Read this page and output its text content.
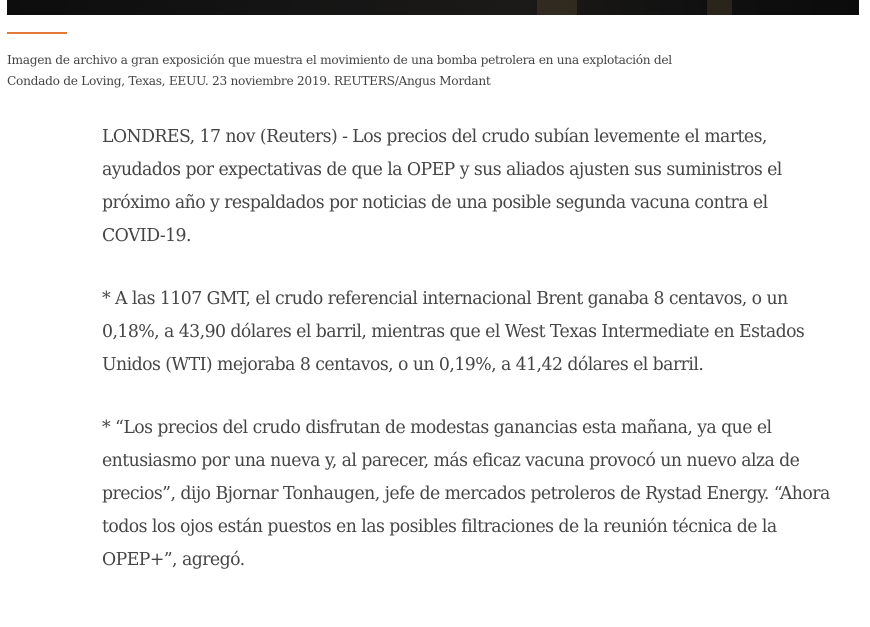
Imagen de archivo a gran exposición que muestra el movimiento de una bomba petrolera en una explotación del
Condado de Loving, Texas, EEUU. 23 noviembre 2019. REUTERS/Angus Mordant

LONDRES, 17 nov (Reuters) - Los precios del crudo subían levemente el martes,
ayudados por expectativas de que la OPEP y sus aliados ajusten sus suministros el
próximo año y respaldados por noticias de una posible segunda vacuna contra el
COVID-19.

* A las 1107 GMT, el crudo referencial internacional Brent ganaba 8 centavos, o un
0,18%, a 43,90 dólares el barril, mientras que el West Texas Intermediate en Estados
Unidos (WTI) mejoraba 8 centavos, o un 0,19%, a 41,42 dólares el barril.

* “Los precios del crudo disfrutan de modestas ganancias esta mañana, ya que el
entusiasmo por una nueva y, al parecer, más eficaz vacuna provocó un nuevo alza de
precios”, dijo Bjornar Tonhaugen, jefe de mercados petroleros de Rystad Energy. “Ahora
todos los ojos están puestos en las posibles filtraciones de la reunión técnica de la
OPEP+”, agregó.
